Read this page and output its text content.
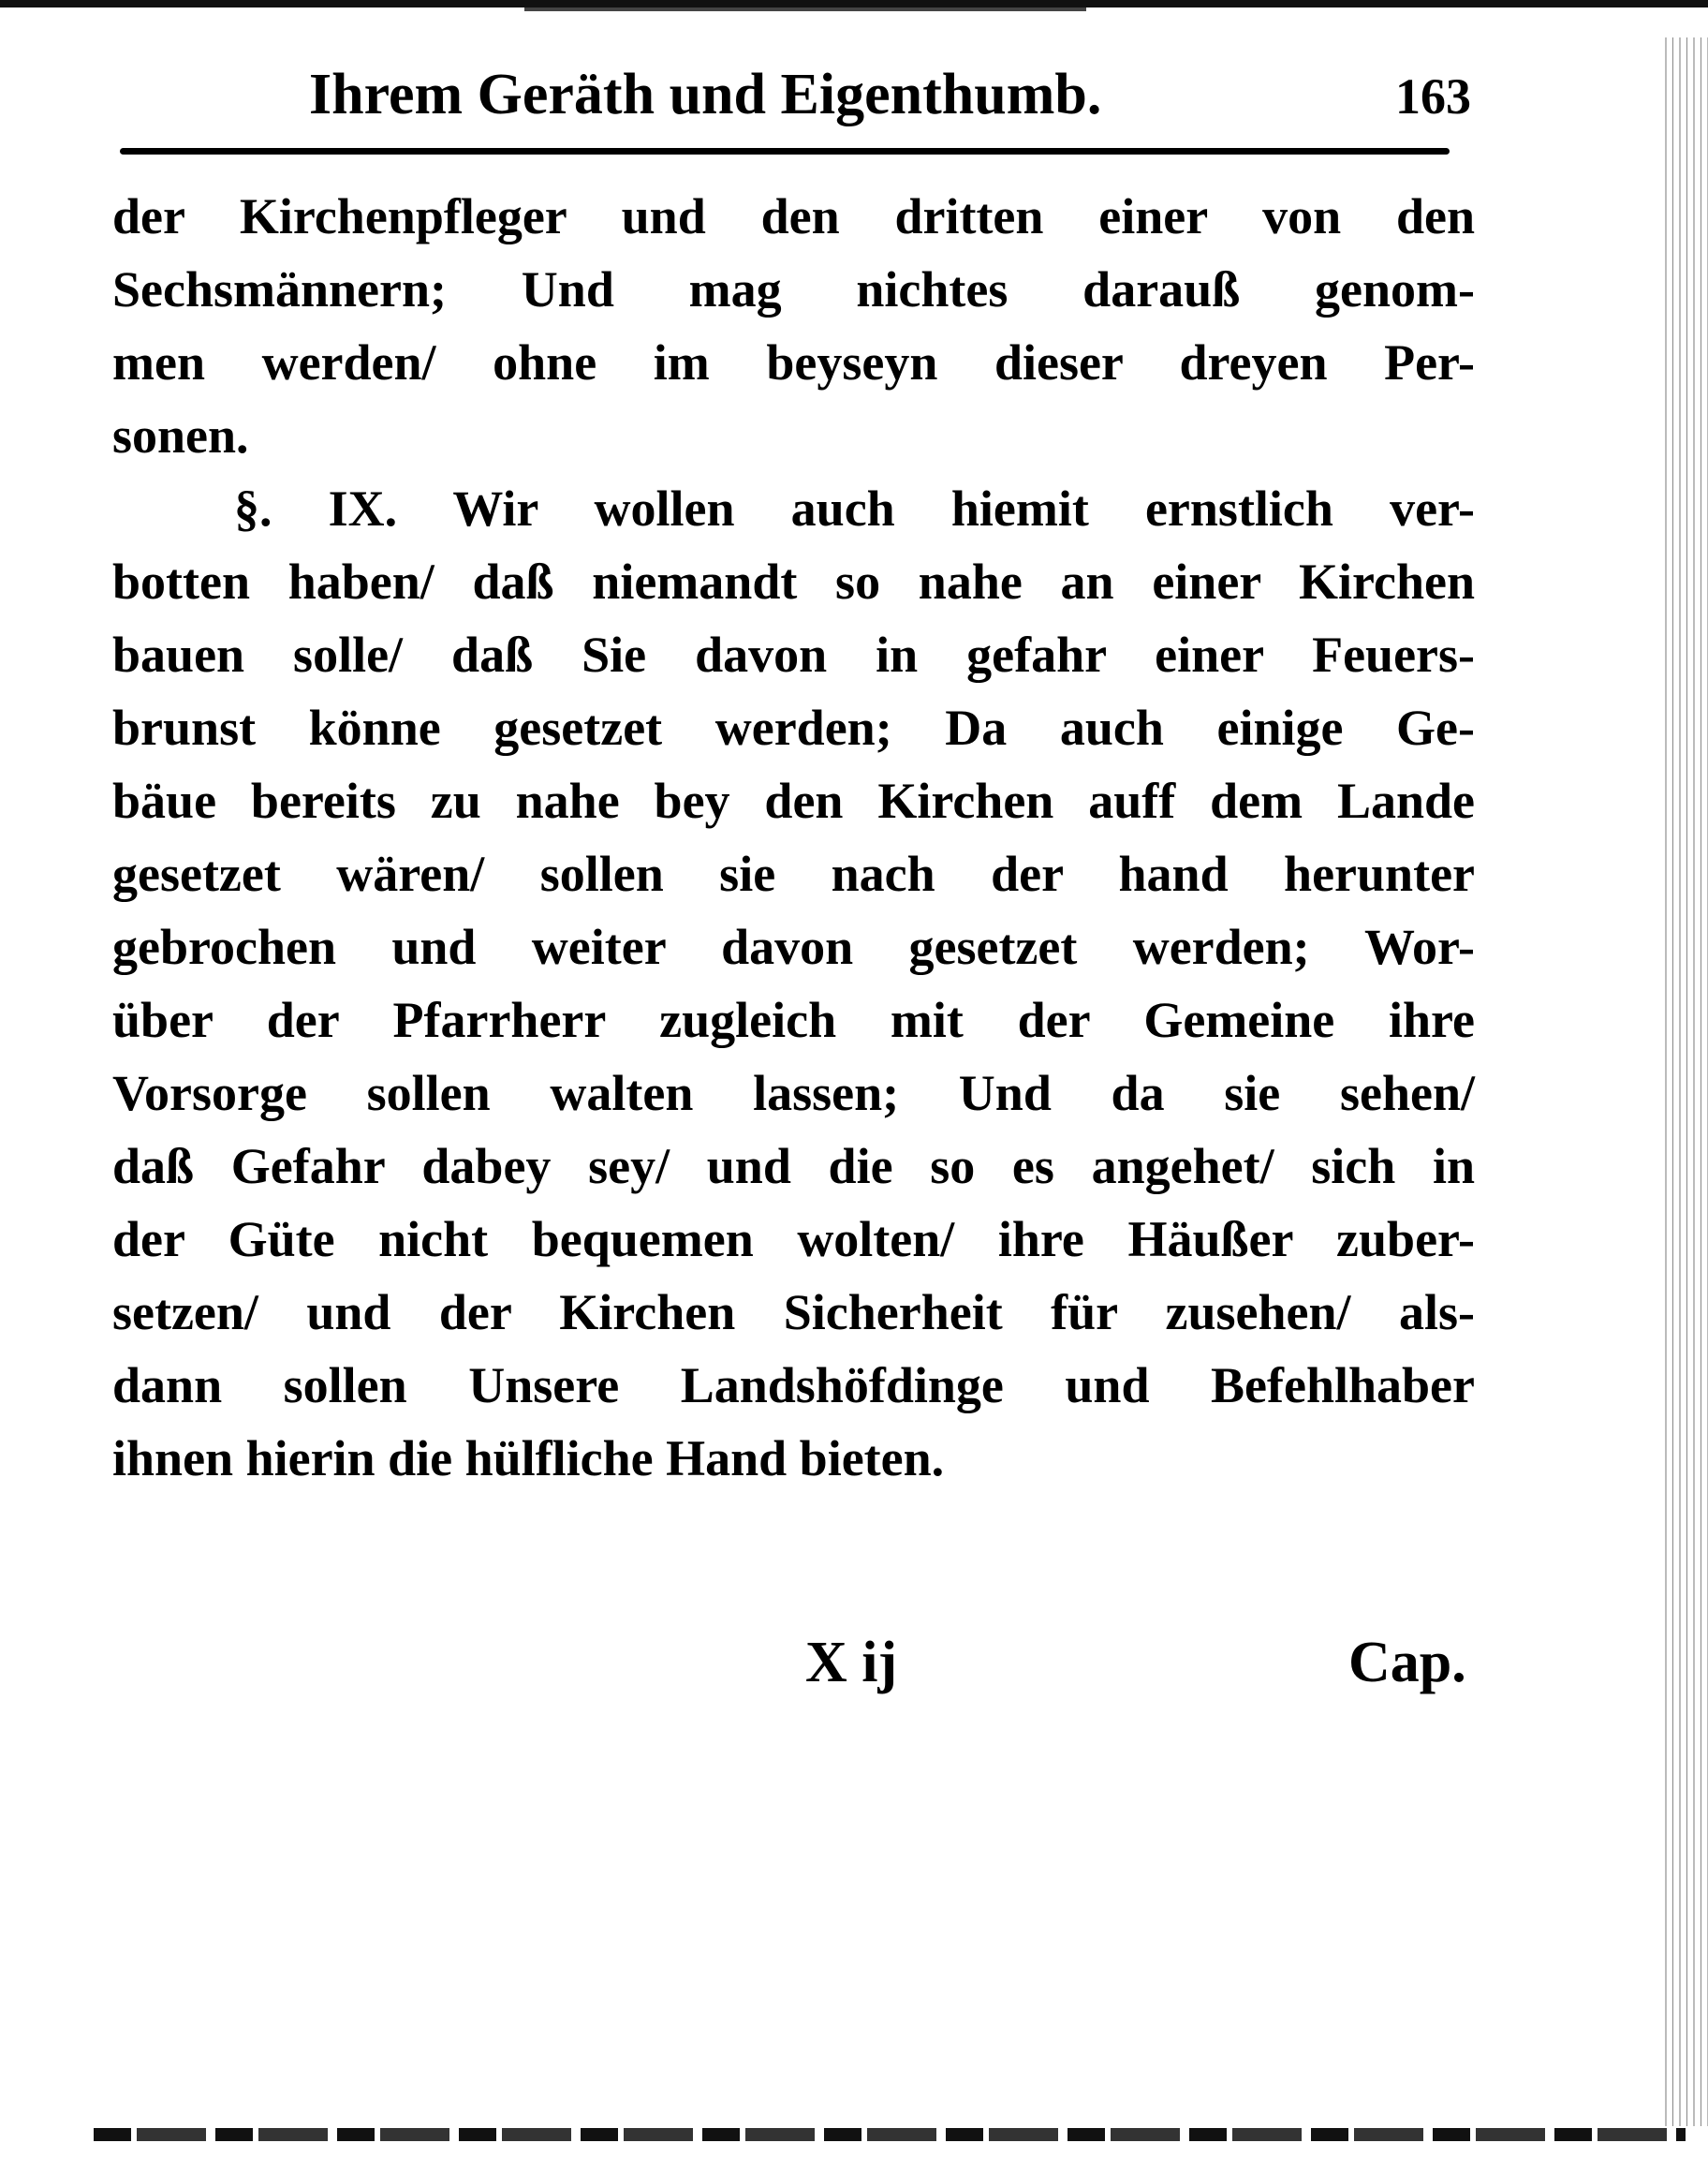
Ihrem Geräth und Eigenthumb.	163
der Kirchenpfleger und den dritten einer von den
Sechsmännern; Und mag nichtes darauß genom-
men werden/ ohne im beyseyn dieser dreyen Per-
sonen.
§. IX. Wir wollen auch hiemit ernstlich ver-
botten haben/ daß niemandt so nahe an einer Kirchen
bauen solle/ daß Sie davon in gefahr einer Feuers-
brunst könne gesetzet werden; Da auch einige Ge-
bäue bereits zu nahe bey den Kirchen auff dem Lande
gesetzet wären/ sollen sie nach der hand herunter
gebrochen und weiter davon gesetzet werden; Wor-
über der Pfarrherr zugleich mit der Gemeine ihre
Vorsorge sollen walten lassen; Und da sie sehen/
daß Gefahr dabey sey/ und die so es angehet/ sich in
der Güte nicht bequemen wolten/ ihre Häußer zuber-
setzen/ und der Kirchen Sicherheit für zusehen/ als-
dann sollen Unsere Landshöfdinge und Befehlhaber
ihnen hierin die hülfliche Hand bieten.
X ij	Cap.
